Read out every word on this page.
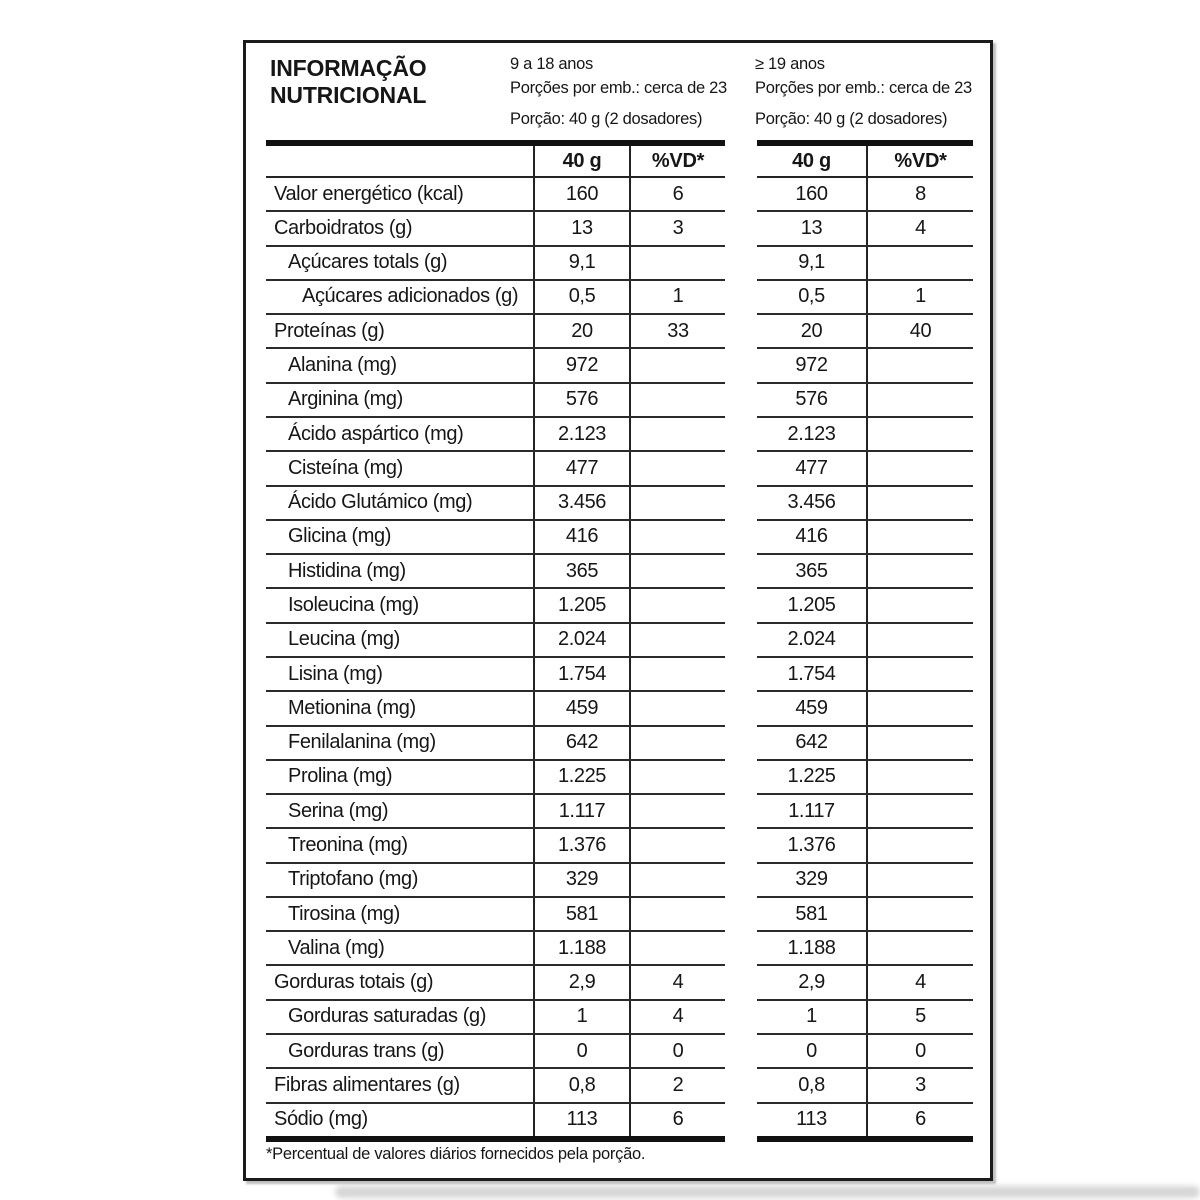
INFORMAÇÃO
NUTRICIONAL
9 a 18 anos
Porções por emb.: cerca de 23
Porção: 40 g (2 dosadores)
≥ 19 anos
Porções por emb.: cerca de 23
Porção: 40 g (2 dosadores)
40 g	%VD*
Valor energético (kcal)	160	6
Carboidratos (g)	13	3
Açúcares totals (g)	9,1
Açúcares adicionados (g)	0,5	1
Proteínas (g)	20	33
Alanina (mg)	972
Arginina (mg)	576
Ácido aspártico (mg)	2.123
Cisteína (mg)	477
Ácido Glutámico (mg)	3.456
Glicina (mg)	416
Histidina (mg)	365
Isoleucina (mg)	1.205
Leucina (mg)	2.024
Lisina (mg)	1.754
Metionina (mg)	459
Fenilalanina (mg)	642
Prolina (mg)	1.225
Serina (mg)	1.117
Treonina (mg)	1.376
Triptofano (mg)	329
Tirosina (mg)	581
Valina (mg)	1.188
Gorduras totais (g)	2,9	4
Gorduras saturadas (g)	1	4
Gorduras trans (g)	0	0
Fibras alimentares (g)	0,8	2
Sódio (mg)	113	6
40 g	%VD*
160	8
13	4
9,1
0,5	1
20	40
972
576
2.123
477
3.456
416
365
1.205
2.024
1.754
459
642
1.225
1.117
1.376
329
581
1.188
2,9	4
1	5
0	0
0,8	3
113	6
*Percentual de valores diários fornecidos pela porção.
